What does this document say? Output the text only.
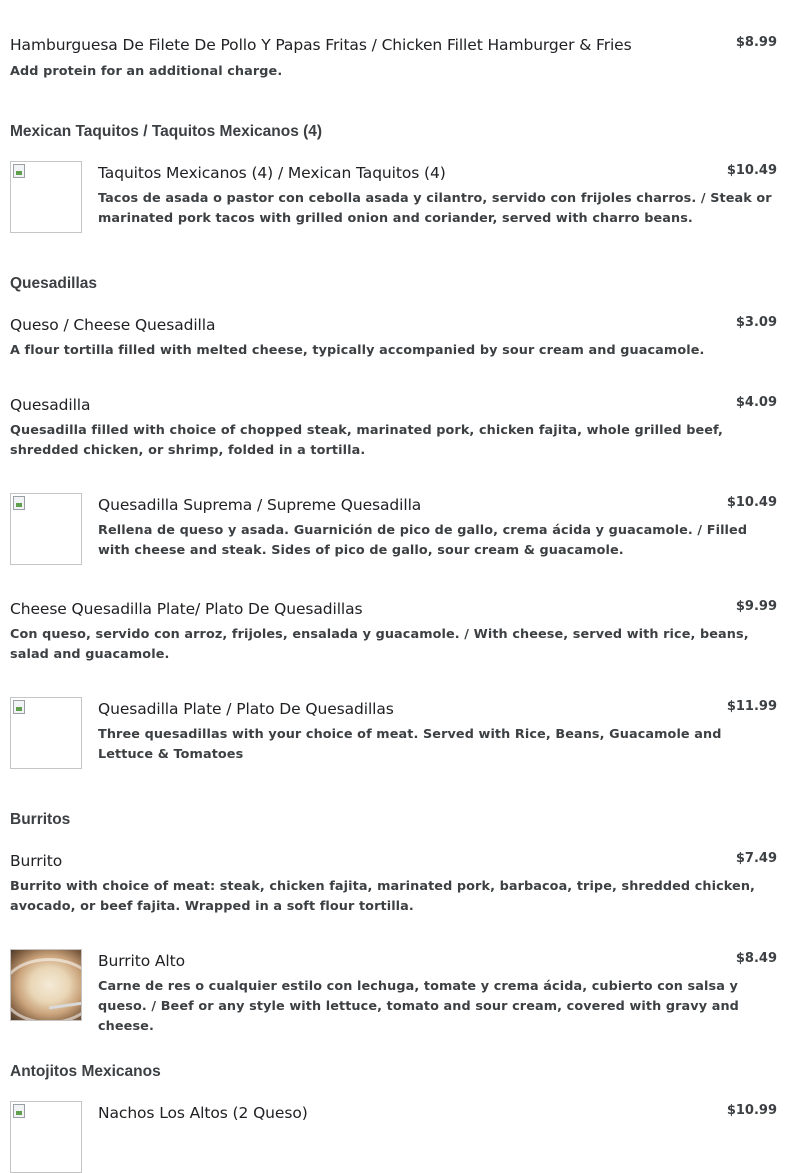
Hamburguesa De Filete De Pollo Y Papas Fritas / Chicken Fillet Hamburger & Fries	$8.99
Add protein for an additional charge.
Mexican Taquitos / Taquitos Mexicanos (4)
Taquitos Mexicanos (4) / Mexican Taquitos (4)	$10.49
Tacos de asada o pastor con cebolla asada y cilantro, servido con frijoles charros. / Steak or marinated pork tacos with grilled onion and coriander, served with charro beans.
Quesadillas
Queso / Cheese Quesadilla	$3.09
A flour tortilla filled with melted cheese, typically accompanied by sour cream and guacamole.
Quesadilla	$4.09
Quesadilla filled with choice of chopped steak, marinated pork, chicken fajita, whole grilled beef, shredded chicken, or shrimp, folded in a tortilla.
Quesadilla Suprema / Supreme Quesadilla	$10.49
Rellena de queso y asada. Guarnición de pico de gallo, crema ácida y guacamole. / Filled with cheese and steak. Sides of pico de gallo, sour cream & guacamole.
Cheese Quesadilla Plate/ Plato De Quesadillas	$9.99
Con queso, servido con arroz, frijoles, ensalada y guacamole. / With cheese, served with rice, beans, salad and guacamole.
Quesadilla Plate / Plato De Quesadillas	$11.99
Three quesadillas with your choice of meat. Served with Rice, Beans, Guacamole and Lettuce & Tomatoes
Burritos
Burrito	$7.49
Burrito with choice of meat: steak, chicken fajita, marinated pork, barbacoa, tripe, shredded chicken, avocado, or beef fajita. Wrapped in a soft flour tortilla.
Burrito Alto	$8.49
Carne de res o cualquier estilo con lechuga, tomate y crema ácida, cubierto con salsa y queso. / Beef or any style with lettuce, tomato and sour cream, covered with gravy and cheese.
Antojitos Mexicanos
Nachos Los Altos (2 Queso)	$10.99
